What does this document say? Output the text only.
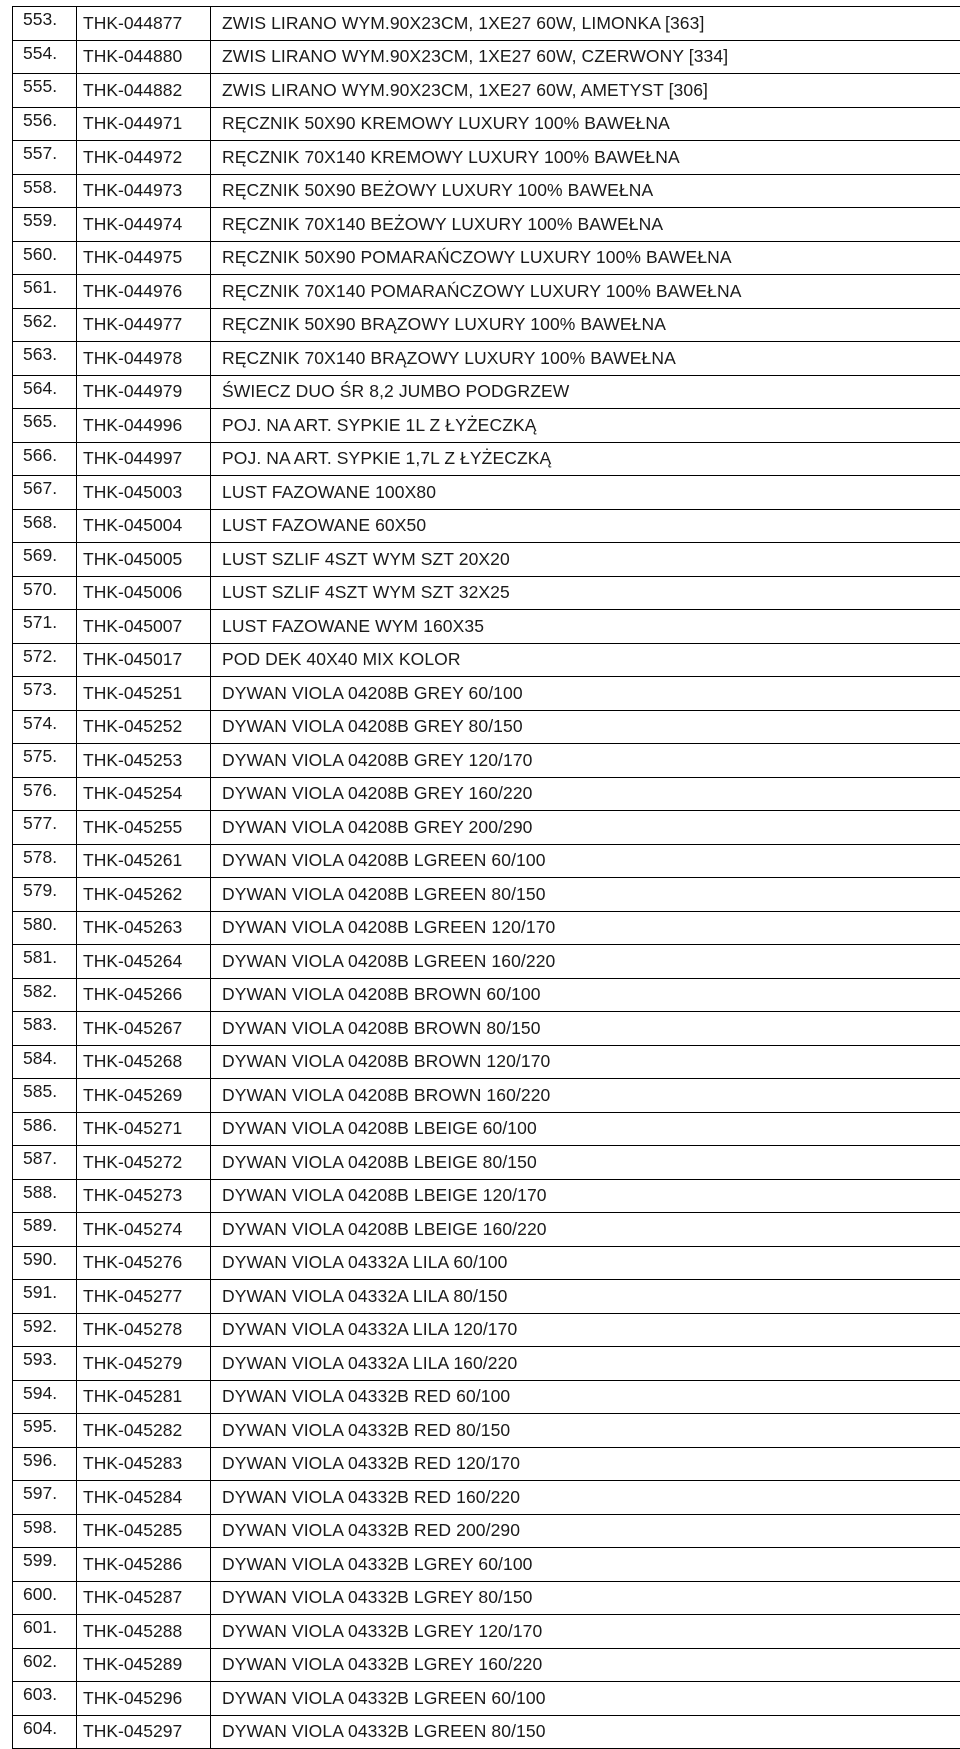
553.	THK-044877	ZWIS LIRANO WYM.90X23CM, 1XE27 60W, LIMONKA [363]
554.	THK-044880	ZWIS LIRANO WYM.90X23CM, 1XE27 60W, CZERWONY [334]
555.	THK-044882	ZWIS LIRANO WYM.90X23CM, 1XE27 60W, AMETYST [306]
556.	THK-044971	RĘCZNIK 50X90 KREMOWY LUXURY 100% BAWEŁNA
557.	THK-044972	RĘCZNIK 70X140 KREMOWY LUXURY 100% BAWEŁNA
558.	THK-044973	RĘCZNIK 50X90 BEŻOWY LUXURY 100% BAWEŁNA
559.	THK-044974	RĘCZNIK 70X140 BEŻOWY LUXURY 100% BAWEŁNA
560.	THK-044975	RĘCZNIK 50X90 POMARAŃCZOWY LUXURY 100% BAWEŁNA
561.	THK-044976	RĘCZNIK 70X140 POMARAŃCZOWY LUXURY 100% BAWEŁNA
562.	THK-044977	RĘCZNIK 50X90 BRĄZOWY LUXURY 100% BAWEŁNA
563.	THK-044978	RĘCZNIK 70X140 BRĄZOWY LUXURY 100% BAWEŁNA
564.	THK-044979	ŚWIECZ DUO ŚR 8,2 JUMBO PODGRZEW
565.	THK-044996	POJ. NA ART. SYPKIE 1L Z ŁYŻECZKĄ
566.	THK-044997	POJ. NA ART. SYPKIE 1,7L Z ŁYŻECZKĄ
567.	THK-045003	LUST FAZOWANE 100X80
568.	THK-045004	LUST FAZOWANE 60X50
569.	THK-045005	LUST SZLIF 4SZT WYM SZT 20X20
570.	THK-045006	LUST SZLIF 4SZT WYM SZT 32X25
571.	THK-045007	LUST FAZOWANE WYM 160X35
572.	THK-045017	POD DEK 40X40 MIX KOLOR
573.	THK-045251	DYWAN VIOLA 04208B GREY 60/100
574.	THK-045252	DYWAN VIOLA 04208B GREY 80/150
575.	THK-045253	DYWAN VIOLA 04208B GREY 120/170
576.	THK-045254	DYWAN VIOLA 04208B GREY 160/220
577.	THK-045255	DYWAN VIOLA 04208B GREY 200/290
578.	THK-045261	DYWAN VIOLA 04208B LGREEN 60/100
579.	THK-045262	DYWAN VIOLA 04208B LGREEN 80/150
580.	THK-045263	DYWAN VIOLA 04208B LGREEN 120/170
581.	THK-045264	DYWAN VIOLA 04208B LGREEN 160/220
582.	THK-045266	DYWAN VIOLA 04208B BROWN 60/100
583.	THK-045267	DYWAN VIOLA 04208B BROWN 80/150
584.	THK-045268	DYWAN VIOLA 04208B BROWN 120/170
585.	THK-045269	DYWAN VIOLA 04208B BROWN 160/220
586.	THK-045271	DYWAN VIOLA 04208B LBEIGE 60/100
587.	THK-045272	DYWAN VIOLA 04208B LBEIGE 80/150
588.	THK-045273	DYWAN VIOLA 04208B LBEIGE 120/170
589.	THK-045274	DYWAN VIOLA 04208B LBEIGE 160/220
590.	THK-045276	DYWAN VIOLA 04332A LILA 60/100
591.	THK-045277	DYWAN VIOLA 04332A LILA 80/150
592.	THK-045278	DYWAN VIOLA 04332A LILA 120/170
593.	THK-045279	DYWAN VIOLA 04332A LILA 160/220
594.	THK-045281	DYWAN VIOLA 04332B RED 60/100
595.	THK-045282	DYWAN VIOLA 04332B RED 80/150
596.	THK-045283	DYWAN VIOLA 04332B RED 120/170
597.	THK-045284	DYWAN VIOLA 04332B RED 160/220
598.	THK-045285	DYWAN VIOLA 04332B RED 200/290
599.	THK-045286	DYWAN VIOLA 04332B LGREY 60/100
600.	THK-045287	DYWAN VIOLA 04332B LGREY 80/150
601.	THK-045288	DYWAN VIOLA 04332B LGREY 120/170
602.	THK-045289	DYWAN VIOLA 04332B LGREY 160/220
603.	THK-045296	DYWAN VIOLA 04332B LGREEN 60/100
604.	THK-045297	DYWAN VIOLA 04332B LGREEN 80/150
